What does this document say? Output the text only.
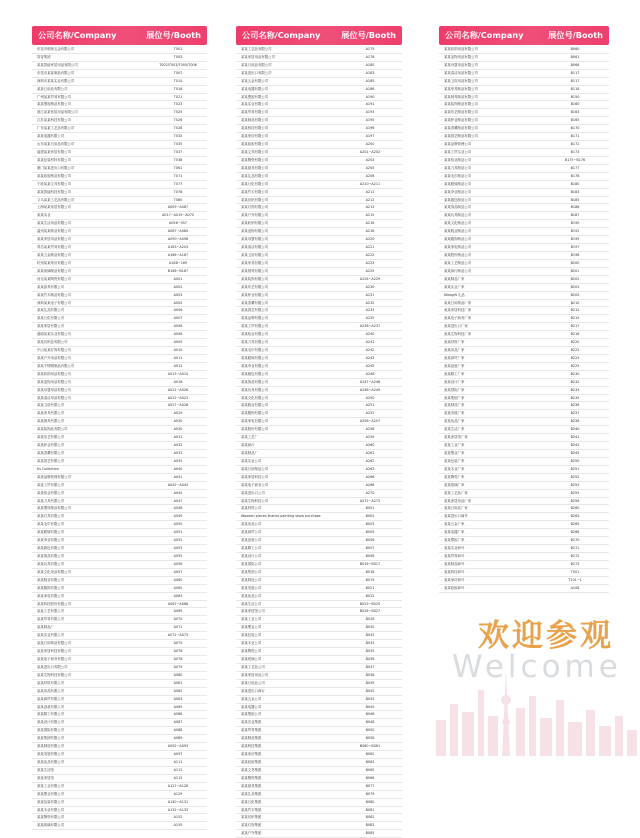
公司名称/Company	展位号/Booth
东莞市明扬五金有限公司	T001
智奇集团	T003
某某智能家居用品有限公司	T002/T003/T005/T006
东莞市某某制品有限公司	T007
深圳市某某实业有限公司	T015
某某日用品有限公司	T016
广州某某贸易有限公司	T021
某某塑胶制品有限公司	T023
浙江某某家居用品有限公司	T025
江苏某某科技有限公司	T026
广东某某工艺品有限公司	T028
某某电器有限公司	T032
山东某某日用品有限公司	T035
福建某某家居有限公司	T037
某某包装材料有限公司	T038
厦门某某进出口有限公司	T061
某某硅胶制品有限公司	T071
宁波某某文具有限公司	T077
某某智能科技有限公司	T078
义乌某某工艺品有限公司	T080
上海某某家居有限公司	A009~A087
某某实业	A017~A019~A070
某某生活用品有限公司	A056~057
温州某某制品有限公司	A067~A084
某某家居用品有限公司	A090~A098
青岛某某贸易有限公司	A163~A203
某某五金制品有限公司	A166~A167
杭州某某家纺有限公司	A168~169
某某玻璃制品有限公司	B166~B167
河北某某陶瓷有限公司	A001
某某厨具有限公司	A002
某某竹木制品有限公司	A003
深圳某某电子有限公司	A005
某某礼品有限公司	A006
某某日化有限公司	A007
某某家居有限公司	A008
湖南某某实业有限公司	A008
某某纺织品有限公司	A009
中山某某灯饰有限公司	A010
某某户外用品有限公司	A011
某某不锈钢制品有限公司	A012
某某收纳用品有限公司	A013~A015
某某宠物用品有限公司	A016
某某母婴用品有限公司	A021~A026
某某清洁用品有限公司	A022~A023
某某卫浴有限公司	A027~A028
某某家具有限公司	A029
某某餐具有限公司	A030
某某装饰品有限公司	A030
某某布艺有限公司	A031
某某杯业有限公司	A032
某某香薰有限公司	A033
某某园艺有限公司	A035
Ks Collection	A040
某某品牌管理有限公司	A041
某某工贸有限公司	A042~A043
某某铝业有限公司	A045
某某刀具有限公司	A047
某某塑料制品有限公司	A048
某某灯具有限公司	A049
某某毛巾有限公司	A050
某某眼镜有限公司	A051
某某伞业有限公司	A052
某某箱包有限公司	A053
某某饰品有限公司	A055
某某玩具有限公司	A056
某某文化用品有限公司	A057
某某鞋业有限公司	A060
某某服饰有限公司	A062
某某家电有限公司	A063
某某科技股份有限公司	A067~A068
某某工艺有限公司	A069
某某贸易有限公司	A070
某某制品厂	A071
某某实业有限公司	A072~A073
某某日用制品有限公司	A075
某某家居科技有限公司	A076
某某电子商务有限公司	A078
某某进出口有限公司	A079
某某生物科技有限公司	A080
某某材料有限公司	A081
某某用品有限公司	A082
某某商贸有限公司	A083
某某创意有限公司	A085
某某精工有限公司	A086
某某设计有限公司	A087
某某国际有限公司	A088
某某集团有限公司	A089
某某制造有限公司	A092~A093
某某发展有限公司	A097
某某优品有限公司	A111
某某生活馆	A112
某某家居馆	A115
某某工业有限公司	A127~A128
某某塑业有限公司	A129
某某包装有限公司	A130~A131
某某木业有限公司	A132~A133
某某陶瓷有限公司	A152
某某玻璃有限公司	A155
公司名称/Company	展位号/Booth
某某工艺品有限公司	A175
某某家居用品有限公司	A178
某某日用品有限公司	A180
某某进出口有限公司	A183
某某五金有限公司	A185
某某电器有限公司	A186
某某塑胶有限公司	A190
某某实业有限公司	A191
某某贸易有限公司	A193
某某制品有限公司	A195
某某科技有限公司	A196
某某家纺有限公司	A197
某某硅胶有限公司	A200
某某文具有限公司	A201~A202
某某陶瓷有限公司	A203
某某厨具有限公司	A205
某某礼品有限公司	A206
某某日化有限公司	A210~A211
某某竹木有限公司	A211
某某纺织有限公司	A212
某某灯饰有限公司	A213
某某户外有限公司	A215
某某收纳有限公司	A216
某某宠物有限公司	A218
某某母婴有限公司	A220
某某清洁有限公司	A221
某某卫浴有限公司	A222
某某家具有限公司	A223
某某餐具有限公司	A225
某某装饰有限公司	A226~A229
某某布艺有限公司	A230
某某杯业有限公司	A231
某某香薰有限公司	A232
某某园艺有限公司	A233
某某品牌有限公司	A235
某某工贸有限公司	A236~A237
某某铝业有限公司	A240
某某刀具有限公司	A241
某某毛巾有限公司	A242
某某眼镜有限公司	A243
某某伞业有限公司	A245
某某箱包有限公司	A246
某某饰品有限公司	A247~A248
某某玩具有限公司	A248~A249
某某文化有限公司	A250
某某鞋业有限公司	A251
某某服饰有限公司	A252
某某家电有限公司	A256~A257
某某股份有限公司	A258
某某工艺厂	A259
某某商行	A260
某某制品厂	A261
某某实业公司	A262
某某日用制品公司	A263
某某家居科技公司	A266
某某电子商务公司	A268
某某进出口公司	A270
某某生物科技公司	A272~A273
某某材料公司	B001
Wooden pieces thanks painting show purchase	B002
某某用品公司	B003
某某商贸公司	B005
某某创意公司	B006
某某精工公司	B007
某某设计公司	B008
某某国际公司	B016~B017
某某集团公司	B018
某某制造公司	B019
某某发展公司	B021
某某优品公司	B022
某某生活公司	B023~B025
某某家居馆公司	B026~B027
某某工业公司	B028
某某塑业公司	B030
某某包装公司	B032
某某木业公司	B033
某某陶瓷公司	B035
某某玻璃公司	B036
某某工艺品公司	B037
某某家居用品公司	B038
某某日用品公司	B039
某某进出口商行	B042
某某五金公司	B043
某某电器公司	B045
某某塑胶公司	B046
某某实业集团	B048
某某贸易集团	B050
某某制品集团	B058
某某科技集团	B060~B061
某某家纺集团	B062
某某硅胶集团	B063
某某文具集团	B065
某某陶瓷集团	B066
某某厨具集团	B077
某某礼品集团	B079
某某日化集团	B080
某某竹木集团	B081
某某纺织集团	B082
某某灯饰集团	B083
某某户外集团	B085
公司名称/Company	展位号/Booth
某某收纳用品有限公司	B060
某某宠物用品有限公司	B061
某某母婴用品有限公司	B066
某某清洁用品有限公司	B117
某某卫浴用品有限公司	B117
某某家具制品有限公司	B118
某某餐具制品有限公司	B150
某某装饰制品有限公司	B160
某某布艺制品有限公司	B163
某某杯业制品有限公司	B165
某某香薰制品有限公司	B170
某某园艺制品有限公司	B171
某某品牌管理公司	B172
某某工贸实业公司	B173
某某铝业制品公司	B175~B176
某某刀具制品公司	B177
某某毛巾制品公司	B178
某某眼镜制品公司	B180
某某伞业制品公司	B183
某某箱包制品公司	B185
某某饰品制品公司	B186
某某玩具制品公司	B187
某某文化制品公司	B190
某某鞋业制品公司	B192
某某服饰制品公司	B195
某某家电制品公司	B197
某某股份制品公司	B198
某某工艺制品公司	B200
某某商行制品公司	B201
某某制品厂家	B202
某某实业厂家	B203
Nikogift 礼品	B205
某某日用制品厂家	B210
某某家居科技厂家	B212
某某电子商务厂家	B215
某某进出口厂家	B217
某某生物科技厂家	B218
某某材料厂家	B220
某某用品厂家	B222
某某商贸厂家	B223
某某创意厂家	B225
某某精工厂家	B230
某某设计厂家	B232
某某国际厂家	B233
某某集团厂家	B235
某某制造厂家	B236
某某发展厂家	B237
某某优品厂家	B238
某某生活厂家	B240
某某家居馆厂家	B241
某某工业厂家	B243
某某塑业厂家	B245
某某包装厂家	B250
某某木业厂家	B251
某某陶瓷厂家	B252
某某玻璃厂家	B253
某某工艺品厂家	B255
某某家居用品厂家	B256
某某日用品厂家	B260
某某进出口商号	B263
某某五金厂家	B265
某某电器厂家	B266
某某塑胶厂家	B270
某某实业商号	B271
某某贸易商号	B272
某某制品商号	B273
某某科技商号	T001
某某家纺商号	T101~1
某某硅胶商号	A108
欢迎参观
Welcome
